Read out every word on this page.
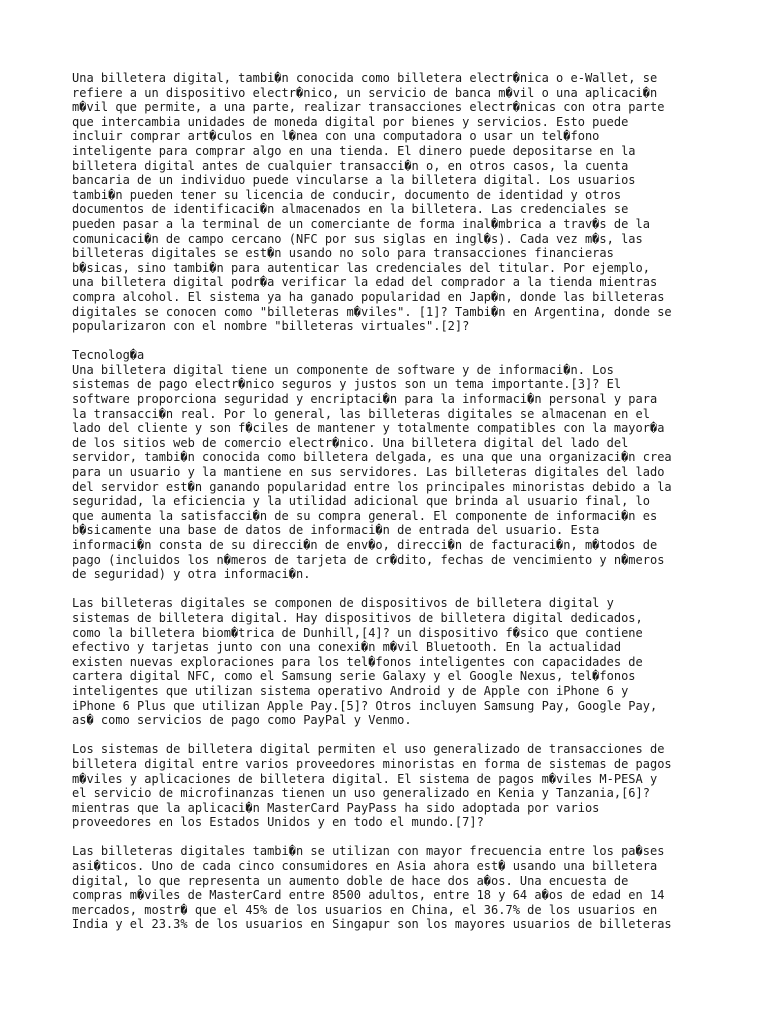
Una billetera digital, tambi�n conocida como billetera electr�nica o e-Wallet, se
refiere a un dispositivo electr�nico, un servicio de banca m�vil o una aplicaci�n
m�vil que permite, a una parte, realizar transacciones electr�nicas con otra parte
que intercambia unidades de moneda digital por bienes y servicios. Esto puede
incluir comprar art�culos en l�nea con una computadora o usar un tel�fono
inteligente para comprar algo en una tienda. El dinero puede depositarse en la
billetera digital antes de cualquier transacci�n o, en otros casos, la cuenta
bancaria de un individuo puede vincularse a la billetera digital. Los usuarios
tambi�n pueden tener su licencia de conducir, documento de identidad y otros
documentos de identificaci�n almacenados en la billetera. Las credenciales se
pueden pasar a la terminal de un comerciante de forma inal�mbrica a trav�s de la
comunicaci�n de campo cercano (NFC por sus siglas en ingl�s). Cada vez m�s, las
billeteras digitales se est�n usando no solo para transacciones financieras
b�sicas, sino tambi�n para autenticar las credenciales del titular. Por ejemplo,
una billetera digital podr�a verificar la edad del comprador a la tienda mientras
compra alcohol. El sistema ya ha ganado popularidad en Jap�n, donde las billeteras
digitales se conocen como "billeteras m�viles". [1]? Tambi�n en Argentina, donde se
popularizaron con el nombre "billeteras virtuales".[2]?
Tecnolog�a
Una billetera digital tiene un componente de software y de informaci�n. Los
sistemas de pago electr�nico seguros y justos son un tema importante.[3]? El
software proporciona seguridad y encriptaci�n para la informaci�n personal y para
la transacci�n real. Por lo general, las billeteras digitales se almacenan en el
lado del cliente y son f�ciles de mantener y totalmente compatibles con la mayor�a
de los sitios web de comercio electr�nico. Una billetera digital del lado del
servidor, tambi�n conocida como billetera delgada, es una que una organizaci�n crea
para un usuario y la mantiene en sus servidores. Las billeteras digitales del lado
del servidor est�n ganando popularidad entre los principales minoristas debido a la
seguridad, la eficiencia y la utilidad adicional que brinda al usuario final, lo
que aumenta la satisfacci�n de su compra general. El componente de informaci�n es
b�sicamente una base de datos de informaci�n de entrada del usuario. Esta
informaci�n consta de su direcci�n de env�o, direcci�n de facturaci�n, m�todos de
pago (incluidos los n�meros de tarjeta de cr�dito, fechas de vencimiento y n�meros
de seguridad) y otra informaci�n.
Las billeteras digitales se componen de dispositivos de billetera digital y
sistemas de billetera digital. Hay dispositivos de billetera digital dedicados,
como la billetera biom�trica de Dunhill,[4]? un dispositivo f�sico que contiene
efectivo y tarjetas junto con una conexi�n m�vil Bluetooth. En la actualidad
existen nuevas exploraciones para los tel�fonos inteligentes con capacidades de
cartera digital NFC, como el Samsung serie Galaxy y el Google Nexus, tel�fonos
inteligentes que utilizan sistema operativo Android y de Apple con iPhone 6 y
iPhone 6 Plus que utilizan Apple Pay.[5]? Otros incluyen Samsung Pay, Google Pay,
as� como servicios de pago como PayPal y Venmo.
Los sistemas de billetera digital permiten el uso generalizado de transacciones de
billetera digital entre varios proveedores minoristas en forma de sistemas de pagos
m�viles y aplicaciones de billetera digital. El sistema de pagos m�viles M-PESA y
el servicio de microfinanzas tienen un uso generalizado en Kenia y Tanzania,[6]?
mientras que la aplicaci�n MasterCard PayPass ha sido adoptada por varios
proveedores en los Estados Unidos y en todo el mundo.[7]?
Las billeteras digitales tambi�n se utilizan con mayor frecuencia entre los pa�ses
asi�ticos. Uno de cada cinco consumidores en Asia ahora est� usando una billetera
digital, lo que representa un aumento doble de hace dos a�os. Una encuesta de
compras m�viles de MasterCard entre 8500 adultos, entre 18 y 64 a�os de edad en 14
mercados, mostr� que el 45% de los usuarios en China, el 36.7% de los usuarios en
India y el 23.3% de los usuarios en Singapur son los mayores usuarios de billeteras
